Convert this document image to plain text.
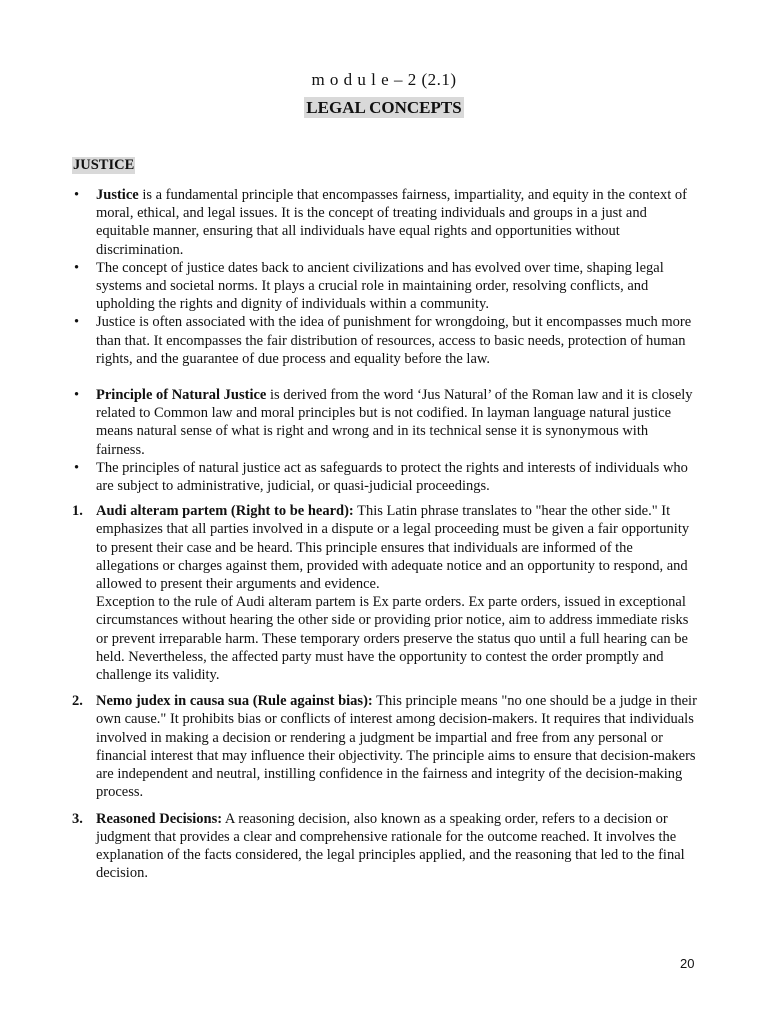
m o d u l e – 2 (2.1)
LEGAL CONCEPTS
JUSTICE
• Justice is a fundamental principle that encompasses fairness, impartiality, and equity in the context of moral, ethical, and legal issues. It is the concept of treating individuals and groups in a just and equitable manner, ensuring that all individuals have equal rights and opportunities without discrimination.
• The concept of justice dates back to ancient civilizations and has evolved over time, shaping legal systems and societal norms. It plays a crucial role in maintaining order, resolving conflicts, and upholding the rights and dignity of individuals within a community.
• Justice is often associated with the idea of punishment for wrongdoing, but it encompasses much more than that. It encompasses the fair distribution of resources, access to basic needs, protection of human rights, and the guarantee of due process and equality before the law.
• Principle of Natural Justice is derived from the word ‘Jus Natural’ of the Roman law and it is closely related to Common law and moral principles but is not codified. In layman language natural justice means natural sense of what is right and wrong and in its technical sense it is synonymous with fairness.
• The principles of natural justice act as safeguards to protect the rights and interests of individuals who are subject to administrative, judicial, or quasi-judicial proceedings.
1. Audi alteram partem (Right to be heard): This Latin phrase translates to "hear the other side." It emphasizes that all parties involved in a dispute or a legal proceeding must be given a fair opportunity to present their case and be heard. This principle ensures that individuals are informed of the allegations or charges against them, provided with adequate notice and an opportunity to respond, and allowed to present their arguments and evidence.
Exception to the rule of Audi alteram partem is Ex parte orders. Ex parte orders, issued in exceptional circumstances without hearing the other side or providing prior notice, aim to address immediate risks or prevent irreparable harm. These temporary orders preserve the status quo until a full hearing can be held. Nevertheless, the affected party must have the opportunity to contest the order promptly and challenge its validity.
2. Nemo judex in causa sua (Rule against bias): This principle means "no one should be a judge in their own cause." It prohibits bias or conflicts of interest among decision-makers. It requires that individuals involved in making a decision or rendering a judgment be impartial and free from any personal or financial interest that may influence their objectivity. The principle aims to ensure that decision-makers are independent and neutral, instilling confidence in the fairness and integrity of the decision-making process.
3. Reasoned Decisions: A reasoning decision, also known as a speaking order, refers to a decision or judgment that provides a clear and comprehensive rationale for the outcome reached. It involves the explanation of the facts considered, the legal principles applied, and the reasoning that led to the final decision.
20
